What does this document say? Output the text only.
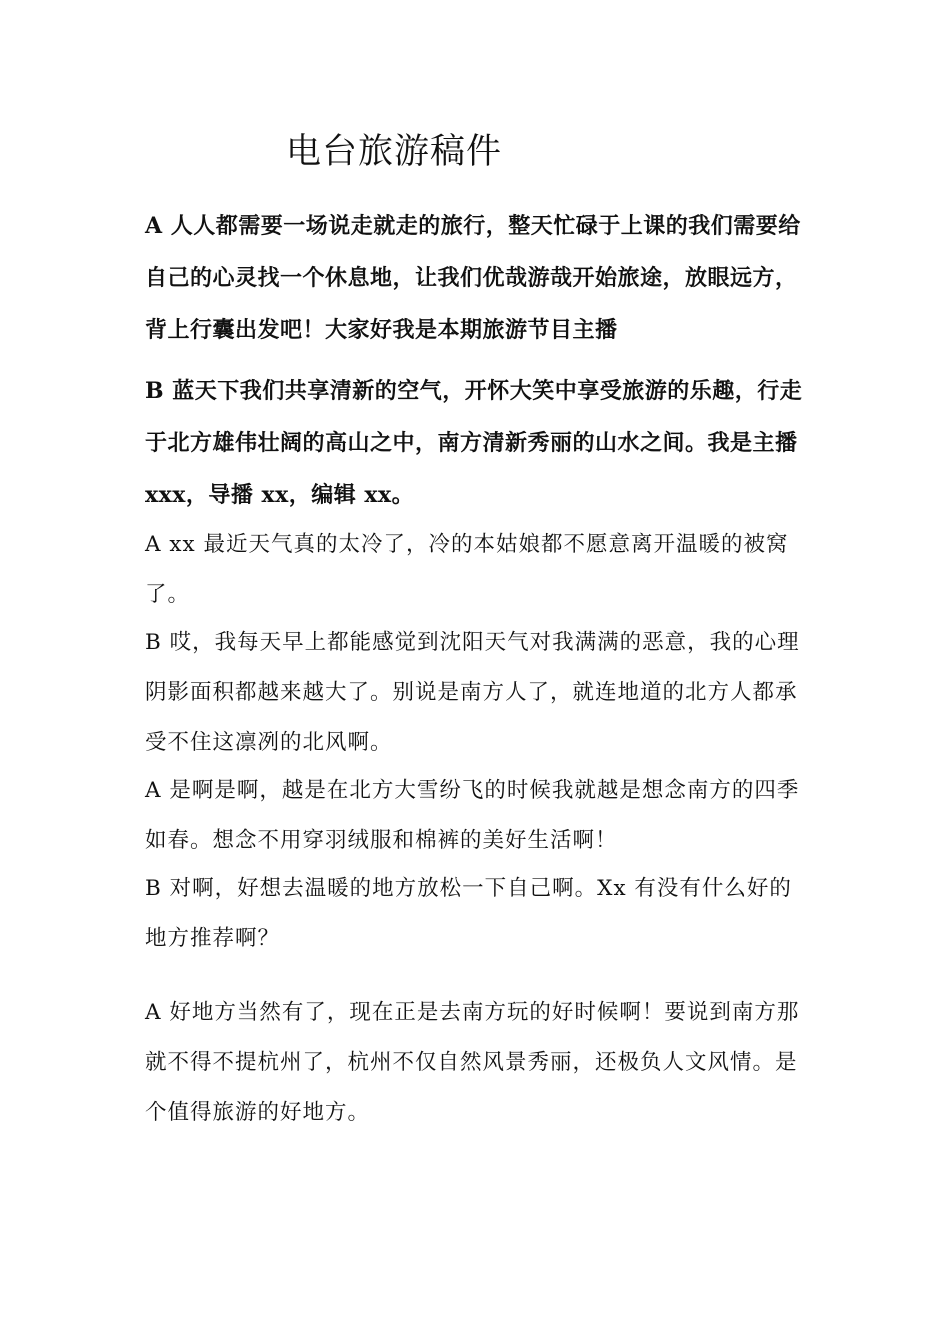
电台旅游稿件

A 人人都需要一场说走就走的旅行，整天忙碌于上课的我们需要给自己的心灵找一个休息地，让我们优哉游哉开始旅途，放眼远方，背上行囊出发吧！大家好我是本期旅游节目主播

B 蓝天下我们共享清新的空气，开怀大笑中享受旅游的乐趣，行走于北方雄伟壮阔的高山之中，南方清新秀丽的山水之间。我是主播 xxx，导播 xx，编辑 xx。

A xx 最近天气真的太冷了，冷的本姑娘都不愿意离开温暖的被窝了。

B 哎，我每天早上都能感觉到沈阳天气对我满满的恶意，我的心理阴影面积都越来越大了。别说是南方人了，就连地道的北方人都承受不住这凛冽的北风啊。

A 是啊是啊，越是在北方大雪纷飞的时候我就越是想念南方的四季如春。想念不用穿羽绒服和棉裤的美好生活啊！

B 对啊，好想去温暖的地方放松一下自己啊。Xx 有没有什么好的地方推荐啊？

A 好地方当然有了，现在正是去南方玩的好时候啊！要说到南方那就不得不提杭州了，杭州不仅自然风景秀丽，还极负人文风情。是个值得旅游的好地方。
